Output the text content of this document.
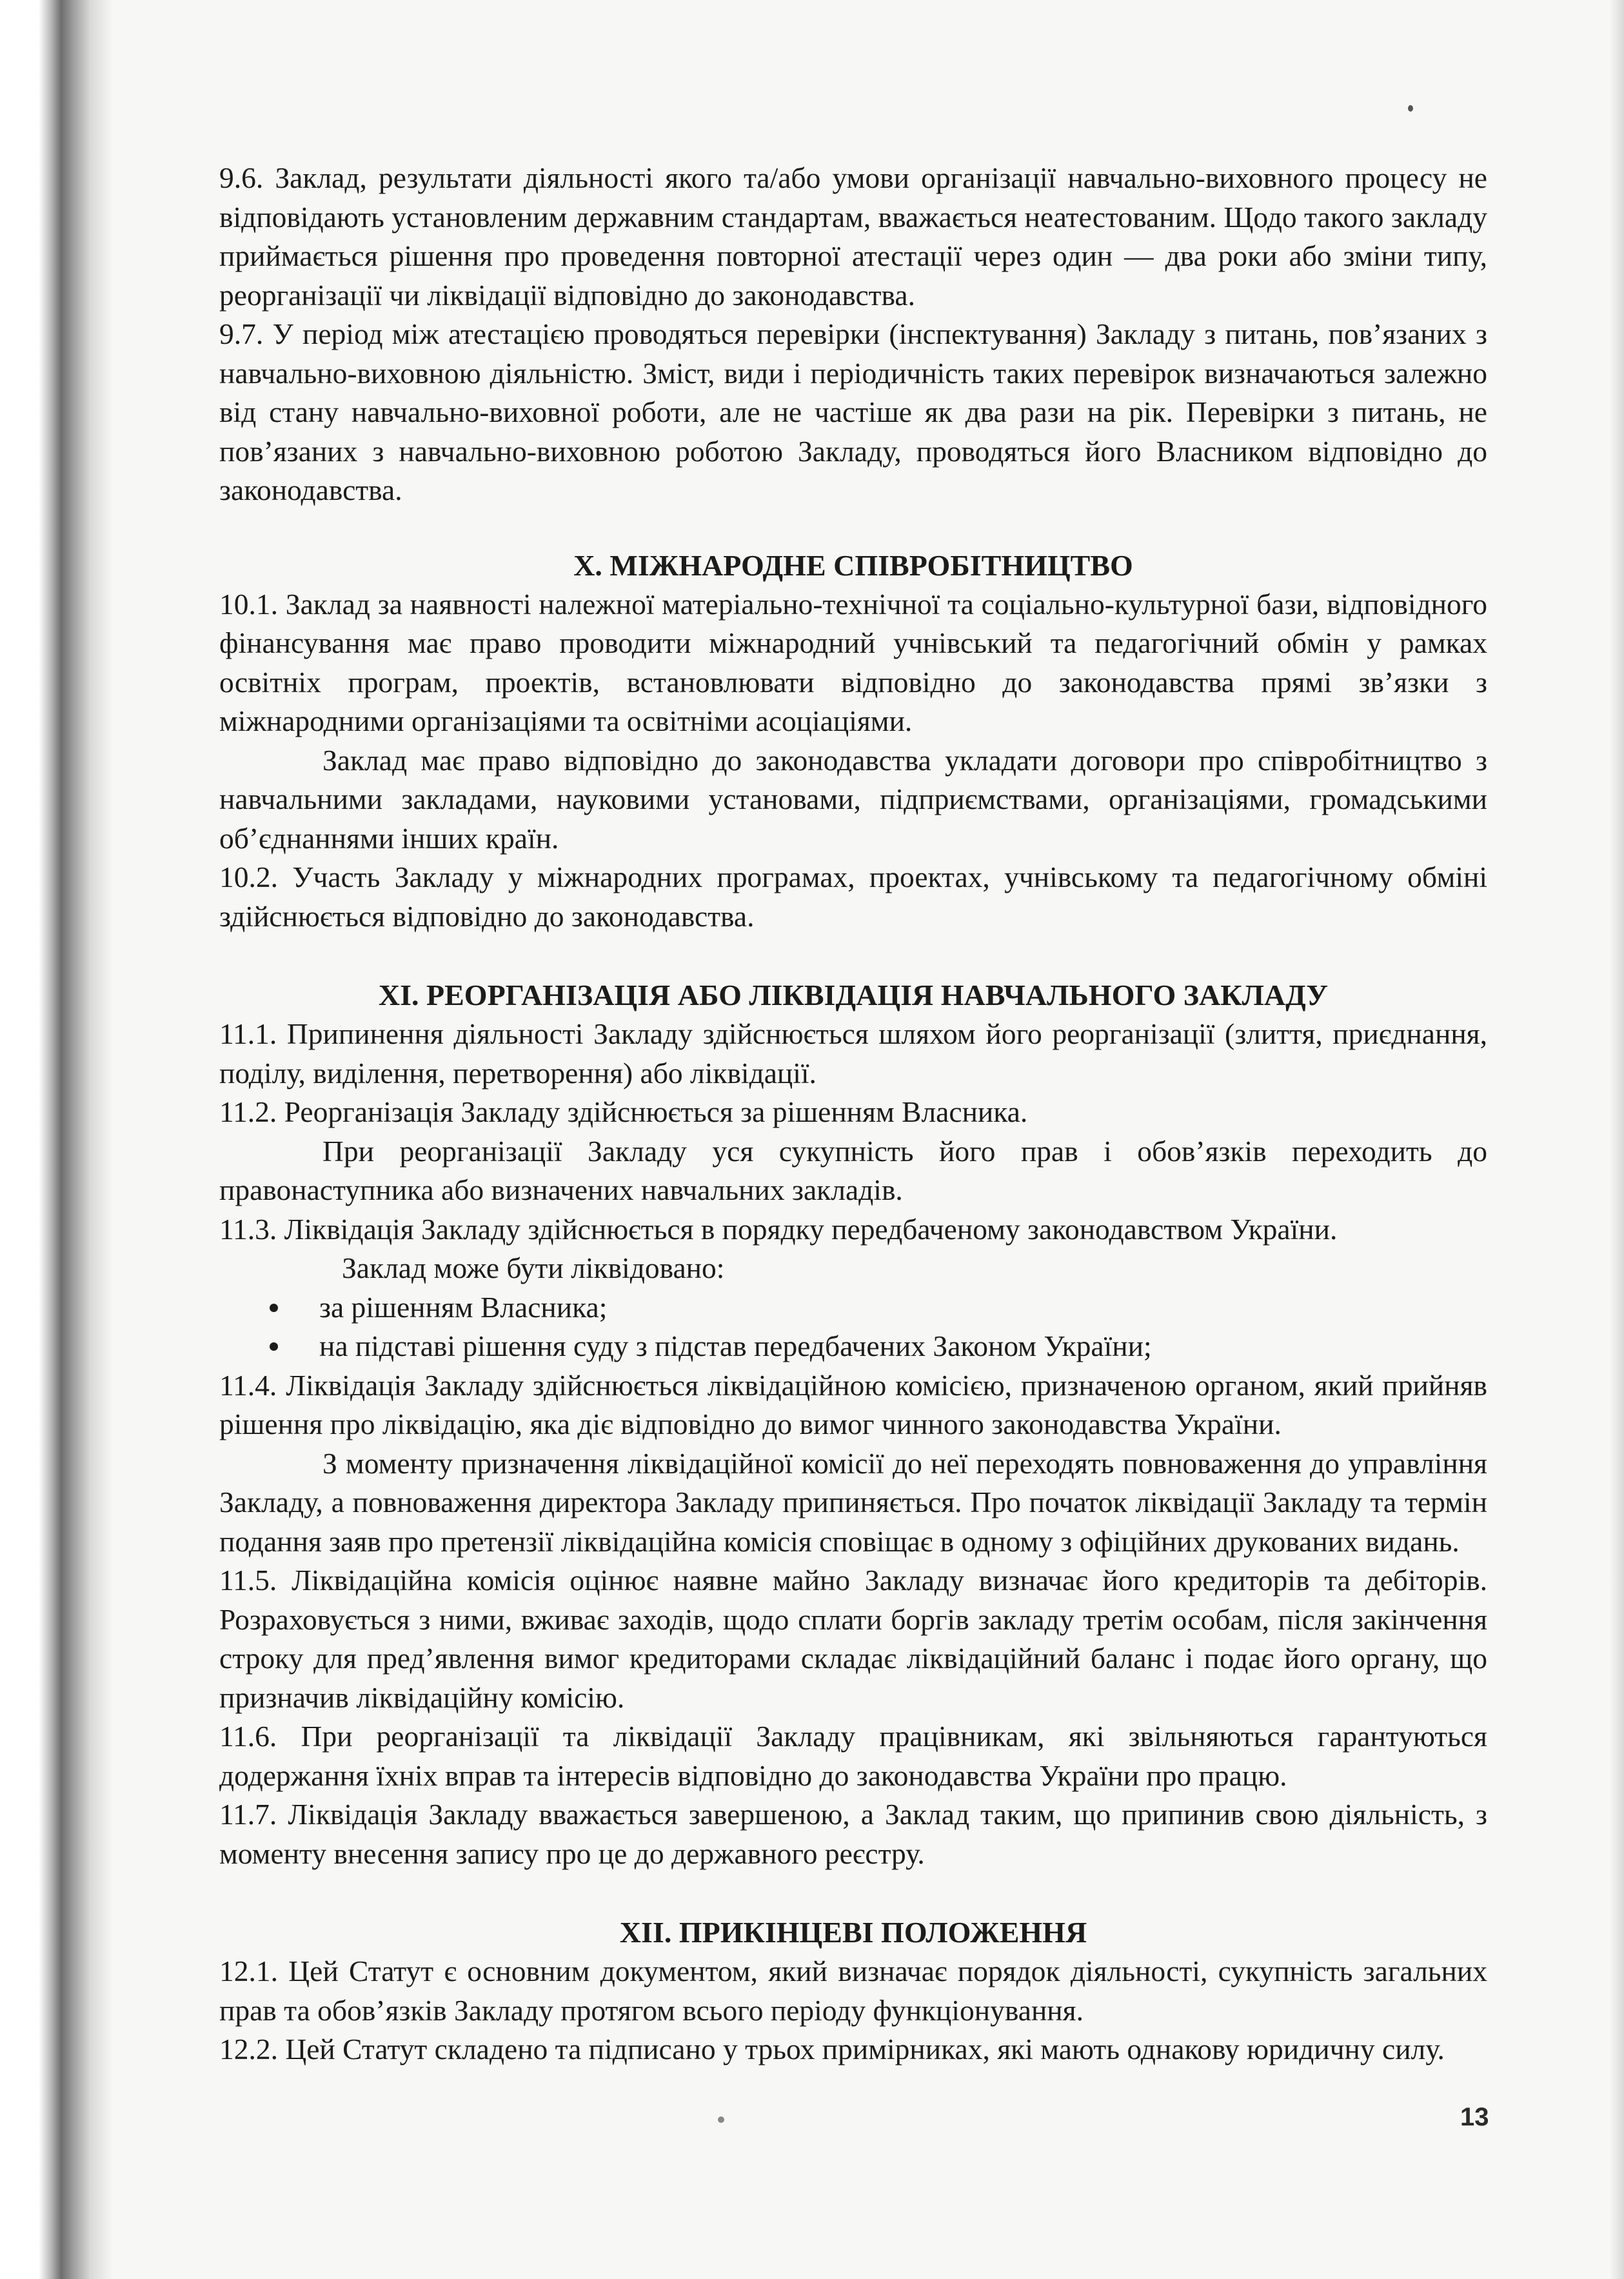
9.6. Заклад, результати діяльності якого та/або умови організації навчально-виховного процесу не відповідають установленим державним стандартам, вважається неатестованим. Щодо такого закладу приймається рішення про проведення повторної атестації через один — два роки або зміни типу, реорганізації чи ліквідації відповідно до законодавства.

9.7. У період між атестацією проводяться перевірки (інспектування) Закладу з питань, пов’язаних з навчально-виховною діяльністю. Зміст, види і періодичність таких перевірок визначаються залежно від стану навчально-виховної роботи, але не частіше як два рази на рік. Перевірки з питань, не пов’язаних з навчально-виховною роботою Закладу, проводяться його Власником відповідно до законодавства.

X. МІЖНАРОДНЕ СПІВРОБІТНИЦТВО

10.1. Заклад за наявності належної матеріально-технічної та соціально-культурної бази, відповідного фінансування має право проводити міжнародний учнівський та педагогічний обмін у рамках освітніх програм, проектів, встановлювати відповідно до законодавства прямі зв’язки з міжнародними організаціями та освітніми асоціаціями.

Заклад має право відповідно до законодавства укладати договори про співробітництво з навчальними закладами, науковими установами, підприємствами, організаціями, громадськими об’єднаннями інших країн.

10.2. Участь Закладу у міжнародних програмах, проектах, учнівському та педагогічному обміні здійснюється відповідно до законодавства.

XI. РЕОРГАНІЗАЦІЯ АБО ЛІКВІДАЦІЯ НАВЧАЛЬНОГО ЗАКЛАДУ

11.1. Припинення діяльності Закладу здійснюється шляхом його реорганізації (злиття, приєднання, поділу, виділення, перетворення) або ліквідації.

11.2. Реорганізація Закладу здійснюється за рішенням Власника.

При реорганізації Закладу уся сукупність його прав і обов’язків переходить до правонаступника або визначених навчальних закладів.

11.3. Ліквідація Закладу здійснюється в порядку передбаченому законодавством України.

Заклад може бути ліквідовано:

за рішенням Власника;
на підставі рішення суду з підстав передбачених Законом України;

11.4. Ліквідація Закладу здійснюється ліквідаційною комісією, призначеною органом, який прийняв рішення про ліквідацію, яка діє відповідно до вимог чинного законодавства України.

З моменту призначення ліквідаційної комісії до неї переходять повноваження до управління Закладу, а повноваження директора Закладу припиняється. Про початок ліквідації Закладу та термін подання заяв про претензії ліквідаційна комісія сповіщає в одному з офіційних друкованих видань.

11.5. Ліквідаційна комісія оцінює наявне майно Закладу визначає його кредиторів та дебіторів. Розраховується з ними, вживає заходів, щодо сплати боргів закладу третім особам, після закінчення строку для пред’явлення вимог кредиторами складає ліквідаційний баланс і подає його органу, що призначив ліквідаційну комісію.

11.6. При реорганізації та ліквідації Закладу працівникам, які звільняються гарантуються додержання їхніх вправ та інтересів відповідно до законодавства України про працю.

11.7. Ліквідація Закладу вважається завершеною, а Заклад таким, що припинив свою діяльність, з моменту внесення запису про це до державного реєстру.

XII. ПРИКІНЦЕВІ ПОЛОЖЕННЯ

12.1. Цей Статут є основним документом, який визначає порядок діяльності, сукупність загальних прав та обов’язків Закладу протягом всього періоду функціонування.

12.2. Цей Статут складено та підписано у трьох примірниках, які мають однакову юридичну силу.

13
